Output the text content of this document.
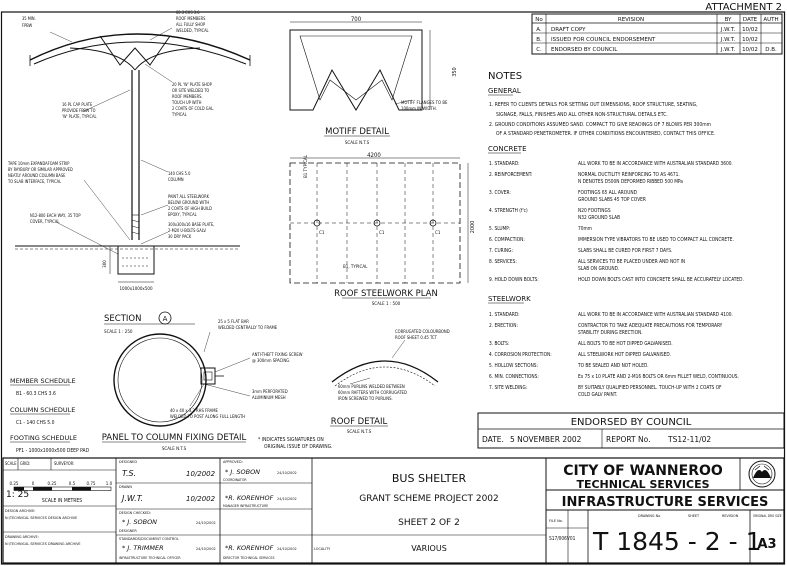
ATTACHMENT 2
No	REVISION	BY DATE AUTH
A. DRAFT COPY	J.W.T. 10/02
B. ISSUED FOR COUNCIL ENDORSEMENT	J.W.T. 10/02
C. ENDORSED BY COUNCIL	J.W.T. 10/02 D.B.
NOTES
GENERAL
1. REFER TO CLIENTS DETAILS FOR SETTING OUT DIMENSIONS, ROOF STRUCTURE, SEATING,
SIGNAGE, FALLS, FINISHES AND ALL OTHER NON-STRUCTURAL DETAILS ETC.
2. GROUND CONDITIONS ASSUMED SAND. COMPACT TO GIVE READINGS OF 7 BLOWS PER 300mm
OF A STANDARD PENETROMETER. IF OTHER CONDITIONS ENCOUNTERED, CONTACT THIS OFFICE.
CONCRETE
1. STANDARD:	ALL WORK TO BE IN ACCORDANCE WITH AUSTRALIAN STANDARD 3600.
2. REINFORCEMENT:	NORMAL DUCTILITY REINFORCING TO AS 4671.
N DENOTES D500N DEFORMED RIBBED 500 MPa
3. COVER:	FOOTINGS 65 ALL AROUND
GROUND SLABS 45 TOP COVER
4. STRENGTH (f'c)	N20 FOOTINGS
N32 GROUND SLAB
5. SLUMP:	70mm
6. COMPACTION:	IMMERSION TYPE VIBRATORS TO BE USED TO COMPACT ALL CONCRETE.
7. CURING:	SLABS SHALL BE CURED FOR FIRST 7 DAYS.
8. SERVICES:	ALL SERVICES TO BE PLACED UNDER AND NOT IN
SLAB ON GROUND.
9. HOLD DOWN BOLTS:	HOLD DOWN BOLTS CAST INTO CONCRETE SHALL BE ACCURATELY LOCATED.
STEELWORK
1. STANDARD:	ALL WORK TO BE IN ACCORDANCE WITH AUSTRALIAN STANDARD 4100.
2. ERECTION:	CONTRACTOR TO TAKE ADEQUATE PRECAUTIONS FOR TEMPORARY
STABILITY DURING ERECTION.
3. BOLTS:	ALL BOLTS TO BE HOT DIPPED GALVANISED.
4. CORROSION PROTECTION:	ALL STEELWORK HOT DIPPED GALVANISED.
5. HOLLOW SECTIONS:	TO BE SEALED AND NOT HOLED.
6. MIN. CONNECTIONS:	Ex 75 x 10 PLATE AND 2-M16 BOLTS OR 6mm FILLET WELD, CONTINUOUS.
7. SITE WELDING:	BY SUITABLY QUALIFIED PERSONNEL. TOUCH-UP WITH 2 COATS OF
COLD GALV PAINT.
ENDORSED BY COUNCIL
DATE. 5 NOVEMBER 2002	REPORT No. TS12-11/02
SCALE GRID:	SURVEYOR:
1: 25
0.25	0	0.25	0.5	0.75 1.0
SCALE IN METRES
DESIGN ARCHIVE:
N:\TECHNICAL SERVICES DESIGN ARCHIVE
DRAWING ARCHIVE:
N:\TECHNICAL SERVICES DRAWING ARCHIVE
DESIGNED
T.S.	10/2002
DRAWN
J.W.T.	10/2002
DESIGN CHECKED:
* J. SOBON	24/10/2002
DESIGNER
STANDARDS/DOCUMENT CONTROL
* J. TRIMMER	24/10/2002
INFRASTRUCTURE TECHNICAL OFFICER
APPROVED:
* J. SOBON	24/10/2002
COORDINATOR
*R. KORENHOF 24/10/2002
MANAGER INFRASTRUCTURE
*R. KORENHOF 24/10/2002
DIRECTOR TECHNICAL SERVICES
BUS SHELTER
GRANT SCHEME PROJECT 2002
SHEET 2 OF 2
LOCALITY	VARIOUS
CITY OF WANNEROO
TECHNICAL SERVICES
INFRASTRUCTURE SERVICES
FILE No.
S17/006V01
DRAWING No	SHEET	REVISION
T 1845 - 2 - 1
ORIGINAL DRG SIZE
A3
300
1000x1000x500
35 MIN.
FPBW
60.3 CHS 3.6
ROOF MEMBERS
ALL FULLY SHOP
WELDED, TYPICAL
20 PL 'W' PLATE SHOP
OR SITE WELDED TO
ROOF MEMBERS.
TOUCH UP WITH
2 COATS OF COLD GAL.
TYPICAL
16 PL CAP PLATE
PROVIDE FPBW TO
'W' PLATE, TYPICAL
TAPE 10mm EXPANDAFOAM STRIP
BY RAYBURY OR SIMILAR APPROVED
NEATLY AROUND COLUMN BASE
TO SLAB INTERFACE, TYPICAL
N12-800 EACH WAY, 35 TOP
COVER, TYPICAL
140 CHS 5.0
COLUMN
PAINT ALL STEELWORK
BELOW GROUND WITH
2 COATS OF HIGH BUILD
EPOXY, TYPICAL
300x300x16 BASE PLATE,
2-M20 U-BOLTS GALV.
30 DRY PACK
700
350
MOTIFF DETAIL
SCALE N.T.S
MOTIFF FLANGES TO BE
100mm IN WIDTH.
4200
C1	C1	C1
B1, TYPICAL
B1 TYPICAL
2000
ROOF STEELWORK PLAN
SCALE 1 : 500
SECTION	A
SCALE 1 : 250
25 x 5 FLAT BAR
WELDED CENTRALLY TO FRAME
ANTI-THEFT FIXING SCREW
@ 300mm SPACING.
3mm PERFORATED
ALUMINIUM MESH
40 x 40 x 3.2 RHS FRAME
WELDED TO POST ALONG FULL LENGTH
PANEL TO COLUMN FIXING DETAIL
SCALE N.T.S
ROOF DETAIL
SCALE N.T.S
CORRUGATED COLOURBOND
ROOF SHEET 0.45 TCT
60mm PURLINS WELDED BETWEEN
60mm RAFTERS WITH CORRUGATED
IRON SCREWED TO PURLINS.
* INDICATES SIGNATURES ON
ORIGINAL ISSUE OF DRAWING.
MEMBER SCHEDULE
B1 - 60.3 CHS 3.6
COLUMN SCHEDULE
C1 - 140 CHS 5.0
FOOTING SCHEDULE
PF1 - 1000x1000x500 DEEP PAD
